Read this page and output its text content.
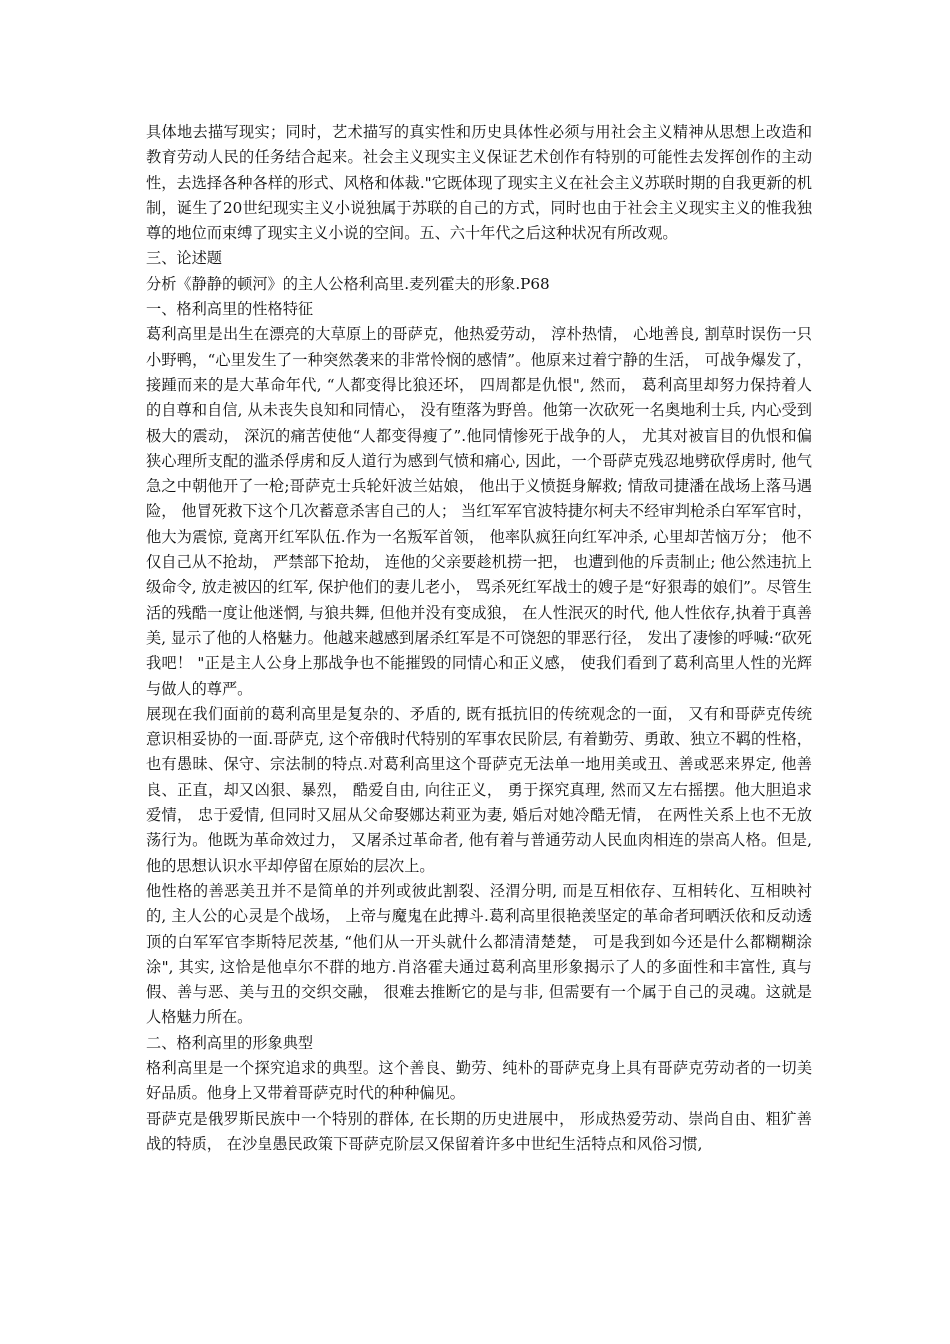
具体地去描写现实；同时，艺术描写的真实性和历史具体性必须与用社会主义精神从思想上改造和教育劳动人民的任务结合起来。社会主义现实主义保证艺术创作有特别的可能性去发挥创作的主动性，去选择各种各样的形式、风格和体裁."它既体现了现实主义在社会主义苏联时期的自我更新的机制，诞生了20世纪现实主义小说独属于苏联的自己的方式，同时也由于社会主义现实主义的惟我独尊的地位而束缚了现实主义小说的空间。五、六十年代之后这种状况有所改观。

三、论述题

分析《静静的顿河》的主人公格利高里.麦列霍夫的形象.P68

一、格利高里的性格特征

葛利高里是出生在漂亮的大草原上的哥萨克，他热爱劳动， 淳朴热情， 心地善良, 割草时误伤一只小野鸭，“心里发生了一种突然袭来的非常怜悯的感情”。他原来过着宁静的生活， 可战争爆发了， 接踵而来的是大革命年代, “人都变得比狼还坏， 四周都是仇恨", 然而， 葛利高里却努力保持着人的自尊和自信, 从未丧失良知和同情心， 没有堕落为野兽。他第一次砍死一名奥地利士兵, 内心受到极大的震动， 深沉的痛苦使他“人都变得瘦了”.他同情惨死于战争的人， 尤其对被盲目的仇恨和偏狭心理所支配的滥杀俘虏和反人道行为感到气愤和痛心, 因此，一个哥萨克残忍地劈砍俘虏时, 他气急之中朝他开了一枪;哥萨克士兵轮奸波兰姑娘， 他出于义愤挺身解救; 情敌司捷潘在战场上落马遇险， 他冒死救下这个几次蓄意杀害自己的人； 当红军军官波特捷尔柯夫不经审判枪杀白军军官时， 他大为震惊, 竟离开红军队伍.作为一名叛军首领， 他率队疯狂向红军冲杀, 心里却苦恼万分； 他不仅自己从不抢劫， 严禁部下抢劫， 连他的父亲要趁机捞一把， 也遭到他的斥责制止; 他公然违抗上级命令, 放走被囚的红军, 保护他们的妻儿老小， 骂杀死红军战士的嫂子是“好狠毒的娘们”。尽管生活的残酷一度让他迷惘, 与狼共舞, 但他并没有变成狼， 在人性泯灭的时代, 他人性依存,执着于真善美, 显示了他的人格魅力。他越来越感到屠杀红军是不可饶恕的罪恶行径， 发出了凄惨的呼喊:“砍死我吧！ "正是主人公身上那战争也不能摧毁的同情心和正义感， 使我们看到了葛利高里人性的光辉与做人的尊严。

展现在我们面前的葛利高里是复杂的、矛盾的, 既有抵抗旧的传统观念的一面， 又有和哥萨克传统意识相妥协的一面.哥萨克, 这个帝俄时代特别的军事农民阶层, 有着勤劳、勇敢、独立不羁的性格， 也有愚昧、保守、宗法制的特点.对葛利高里这个哥萨克无法单一地用美或丑、善或恶来界定, 他善良、正直，却又凶狠、暴烈， 酷爱自由, 向往正义， 勇于探究真理, 然而又左右摇摆。他大胆追求爱情， 忠于爱情, 但同时又屈从父命娶娜达莉亚为妻, 婚后对她冷酷无情， 在两性关系上也不无放荡行为。他既为革命效过力， 又屠杀过革命者, 他有着与普通劳动人民血肉相连的崇高人格。但是, 他的思想认识水平却停留在原始的层次上。

他性格的善恶美丑并不是简单的并列或彼此割裂、泾渭分明, 而是互相依存、互相转化、互相映衬的, 主人公的心灵是个战场， 上帝与魔鬼在此搏斗.葛利高里很艳羡坚定的革命者珂晒沃依和反动透顶的白军军官李斯特尼茨基, “他们从一开头就什么都清清楚楚， 可是我到如今还是什么都糊糊涂涂", 其实, 这恰是他卓尔不群的地方.肖洛霍夫通过葛利高里形象揭示了人的多面性和丰富性, 真与假、善与恶、美与丑的交织交融， 很难去推断它的是与非, 但需要有一个属于自己的灵魂。这就是人格魅力所在。

二、格利高里的形象典型

格利高里是一个探究追求的典型。这个善良、勤劳、纯朴的哥萨克身上具有哥萨克劳动者的一切美好品质。他身上又带着哥萨克时代的种种偏见。

哥萨克是俄罗斯民族中一个特别的群体, 在长期的历史进展中， 形成热爱劳动、崇尚自由、粗犷善战的特质， 在沙皇愚民政策下哥萨克阶层又保留着许多中世纪生活特点和风俗习惯,
